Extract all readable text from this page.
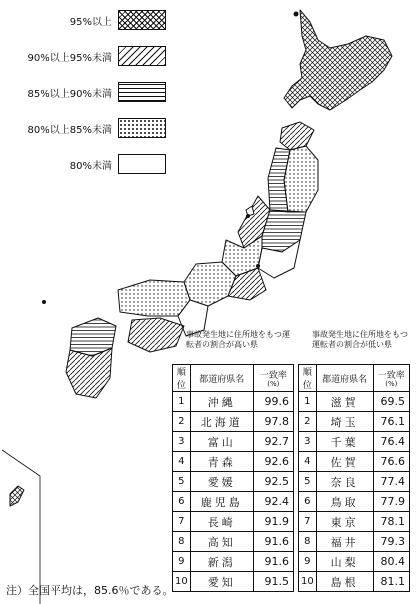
95%以上
90%以上95%未満
85%以上90%未満
80%以上85%未満
80%未満
事故発生地に住所地をもつ運転者の割合が高い県
事故発生地に住所地をもつ運転者の割合が低い県
順位	都道府県名	一致率
(%)

1	沖縄	99.6
2	北海道	97.8
3	富山	92.7
4	青森	92.6
5	愛媛	92.5
6	鹿児島	92.4
7	長崎	91.9
8	高知	91.6
9	新潟	91.6
10	愛知	91.5
順位	都道府県名	一致率
(%)

1	滋賀	69.5
2	埼玉	76.1
3	千葉	76.4
4	佐賀	76.6
5	奈良	77.4
6	鳥取	77.9
7	東京	78.1
8	福井	79.3
9	山梨	80.4
10	島根	81.1
注）全国平均は，85.6％である。
